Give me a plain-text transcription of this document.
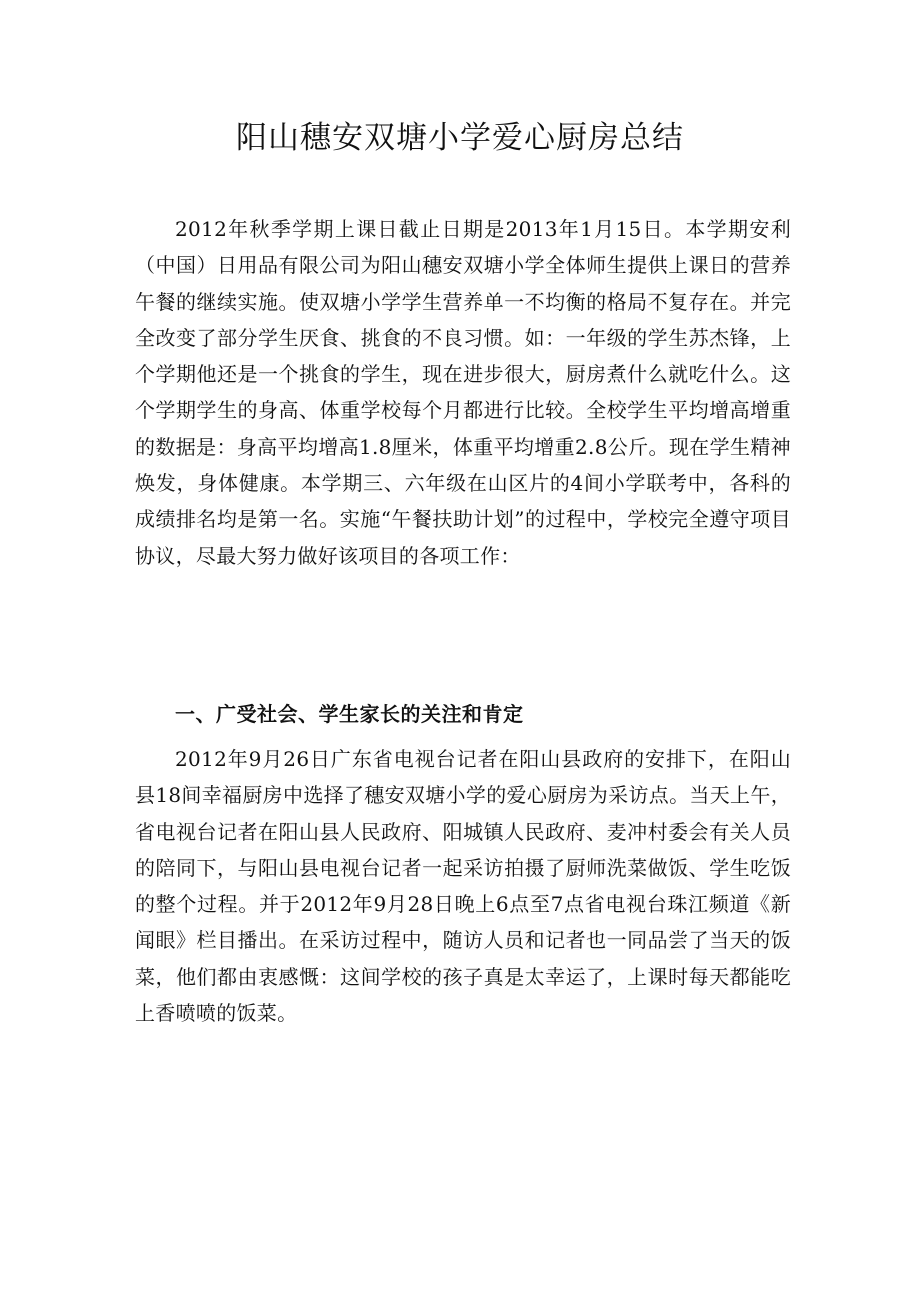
阳山穗安双塘小学爱心厨房总结

2012年秋季学期上课日截止日期是2013年1月15日。本学期安利（中国）日用品有限公司为阳山穗安双塘小学全体师生提供上课日的营养午餐的继续实施。使双塘小学学生营养单一不均衡的格局不复存在。并完全改变了部分学生厌食、挑食的不良习惯。如：一年级的学生苏杰锋，上个学期他还是一个挑食的学生，现在进步很大，厨房煮什么就吃什么。这个学期学生的身高、体重学校每个月都进行比较。全校学生平均增高增重的数据是：身高平均增高1.8厘米，体重平均增重2.8公斤。现在学生精神焕发，身体健康。本学期三、六年级在山区片的4间小学联考中，各科的成绩排名均是第一名。实施“午餐扶助计划”的过程中，学校完全遵守项目协议，尽最大努力做好该项目的各项工作：

一、广受社会、学生家长的关注和肯定

2012年9月26日广东省电视台记者在阳山县政府的安排下，在阳山县18间幸福厨房中选择了穗安双塘小学的爱心厨房为采访点。当天上午，省电视台记者在阳山县人民政府、阳城镇人民政府、麦冲村委会有关人员的陪同下，与阳山县电视台记者一起采访拍摄了厨师洗菜做饭、学生吃饭的整个过程。并于2012年9月28日晚上6点至7点省电视台珠江频道《新闻眼》栏目播出。在采访过程中，随访人员和记者也一同品尝了当天的饭菜，他们都由衷感慨：这间学校的孩子真是太幸运了，上课时每天都能吃上香喷喷的饭菜。
